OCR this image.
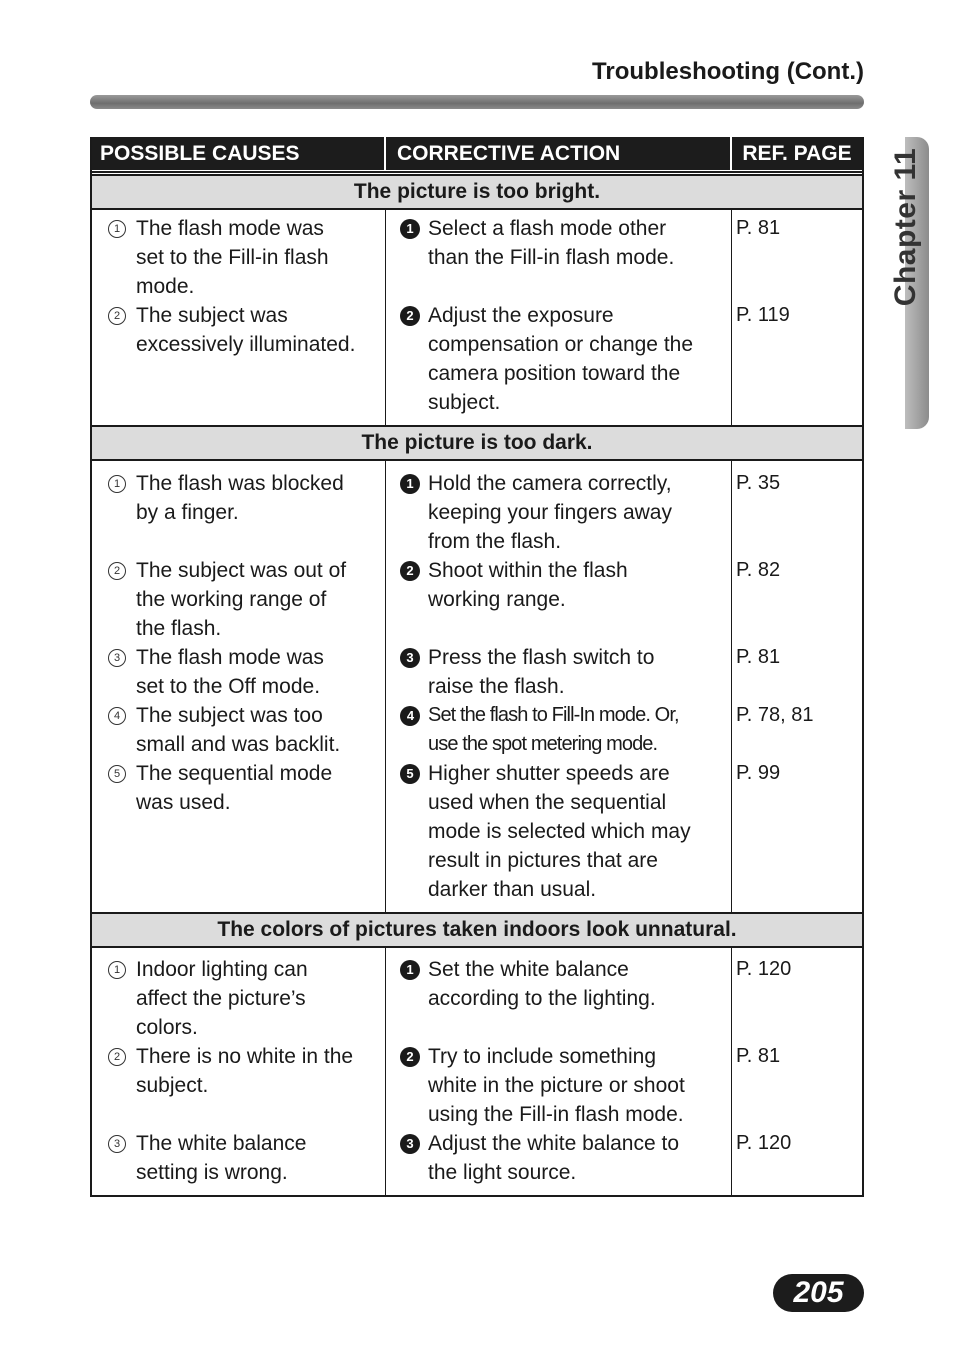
Troubleshooting (Cont.)
Chapter 11
POSSIBLE CAUSES	CORRECTIVE ACTION	REF. PAGE
The picture is too bright.
1 The flash mode was
set to the Fill-in flash
mode.
2 The subject was
excessively illuminated.
1 Select a flash mode other
than the Fill-in flash mode.
2 Adjust the exposure
compensation or change the
camera position toward the
subject.
P. 81
P. 119
The picture is too dark.
1 The flash was blocked
by a finger.
2 The subject was out of
the working range of
the flash.
3 The flash mode was
set to the Off mode.
4 The subject was too
small and was backlit.
5 The sequential mode
was used.
1 Hold the camera correctly,
keeping your fingers away
from the flash.
2 Shoot within the flash
working range.
3 Press the flash switch to
raise the flash.
4 Set the flash to Fill-In mode. Or,
use the spot metering mode.
5 Higher shutter speeds are
used when the sequential
mode is selected which may
result in pictures that are
darker than usual.
P. 35
P. 82
P. 81
P. 78, 81
P. 99
The colors of pictures taken indoors look unnatural.
1 Indoor lighting can
affect the picture’s
colors.
2 There is no white in the
subject.
3 The white balance
setting is wrong.
1 Set the white balance
according to the lighting.
2 Try to include something
white in the picture or shoot
using the Fill-in flash mode.
3 Adjust the white balance to
the light source.
P. 120
P. 81
P. 120
205
